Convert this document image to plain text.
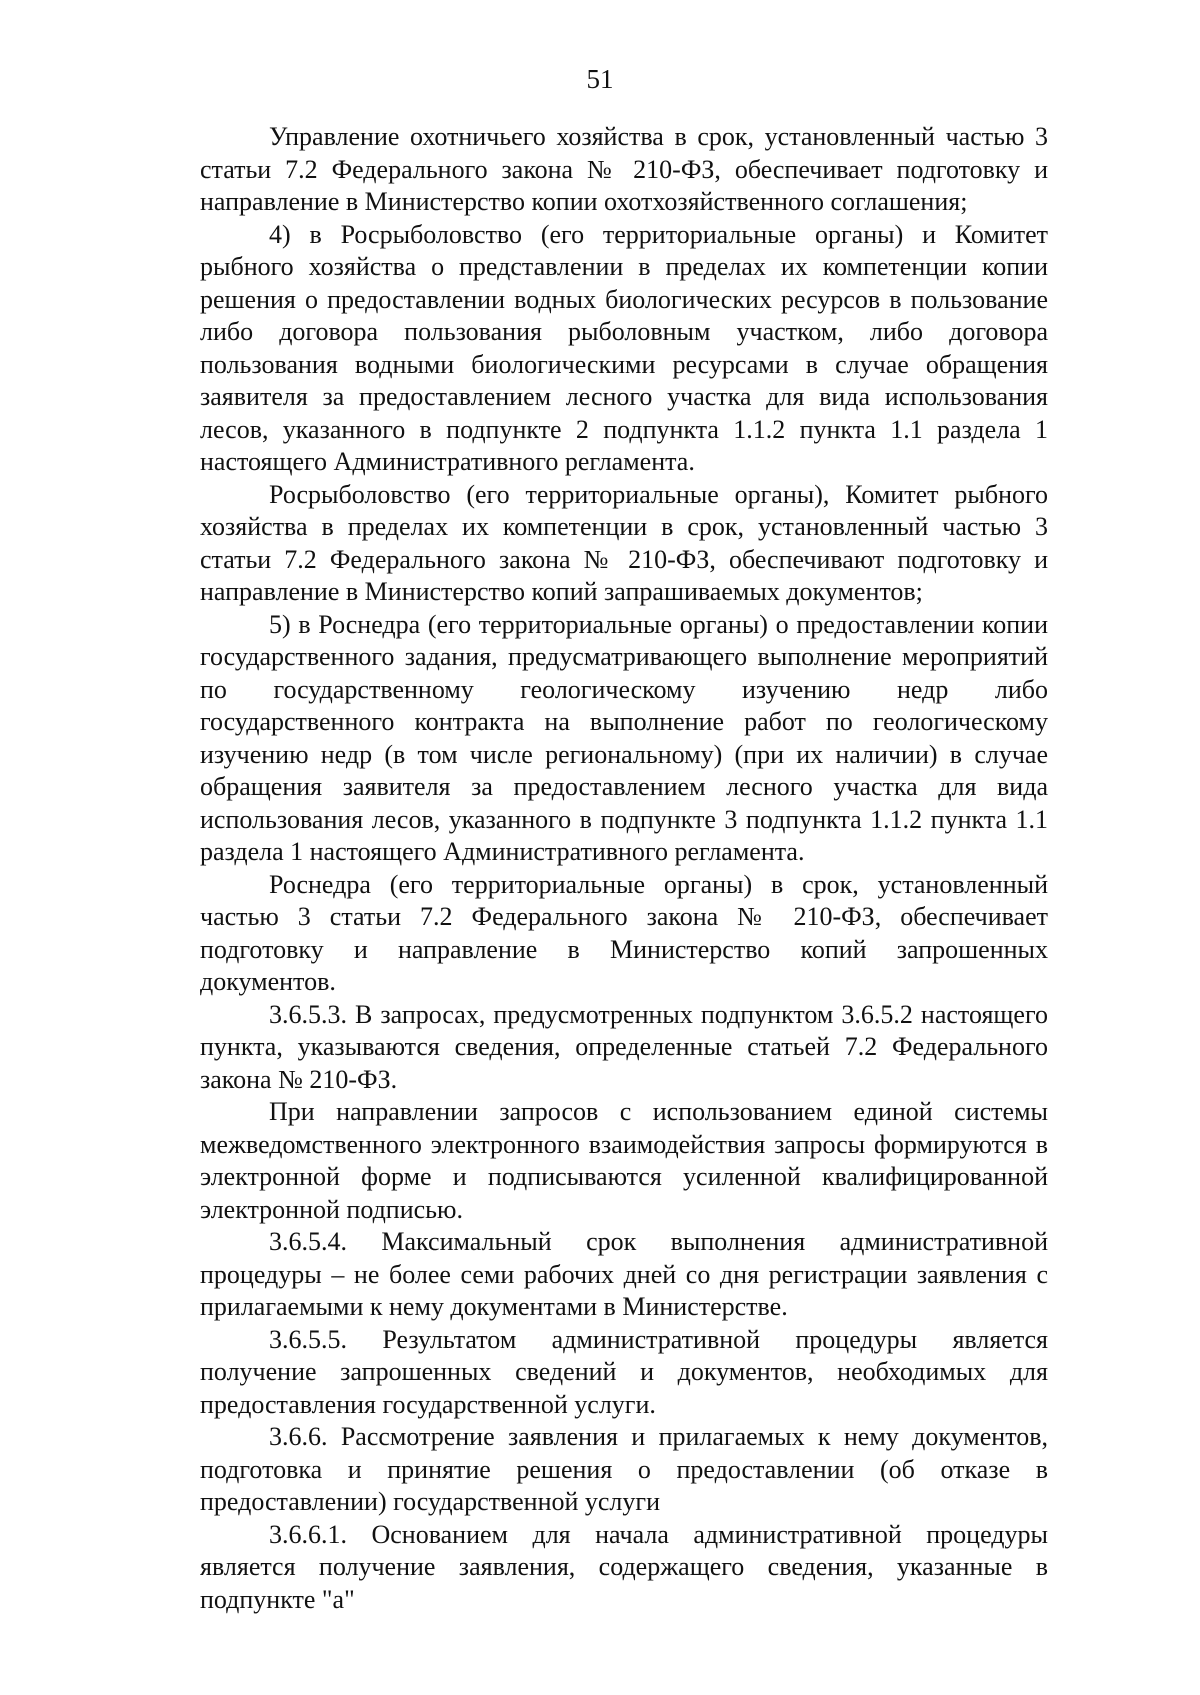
51

Управление охотничьего хозяйства в срок, установленный частью 3 статьи 7.2 Федерального закона № 210-ФЗ, обеспечивает подготовку и направление в Министерство копии охотхозяйственного соглашения;

4) в Росрыболовство (его территориальные органы) и Комитет рыбного хозяйства о представлении в пределах их компетенции копии решения о предоставлении водных биологических ресурсов в пользование либо договора пользования рыболовным участком, либо договора пользования водными биологическими ресурсами в случае обращения заявителя за предоставлением лесного участка для вида использования лесов, указанного в подпункте 2 подпункта 1.1.2 пункта 1.1 раздела 1 настоящего Административного регламента.

Росрыболовство (его территориальные органы), Комитет рыбного хозяйства в пределах их компетенции в срок, установленный частью 3 статьи 7.2 Федерального закона № 210-ФЗ, обеспечивают подготовку и направление в Министерство копий запрашиваемых документов;

5) в Роснедра (его территориальные органы) о предоставлении копии государственного задания, предусматривающего выполнение мероприятий по государственному геологическому изучению недр либо государственного контракта на выполнение работ по геологическому изучению недр (в том числе региональному) (при их наличии) в случае обращения заявителя за предоставлением лесного участка для вида использования лесов, указанного в подпункте 3 подпункта 1.1.2 пункта 1.1 раздела 1 настоящего Административного регламента.

Роснедра (его территориальные органы) в срок, установленный частью 3 статьи 7.2 Федерального закона № 210-ФЗ, обеспечивает подготовку и направление в Министерство копий запрошенных документов.

3.6.5.3. В запросах, предусмотренных подпунктом 3.6.5.2 настоящего пункта, указываются сведения, определенные статьей 7.2 Федерального закона № 210-ФЗ.

При направлении запросов с использованием единой системы межведомственного электронного взаимодействия запросы формируются в электронной форме и подписываются усиленной квалифицированной электронной подписью.

3.6.5.4. Максимальный срок выполнения административной процедуры – не более семи рабочих дней со дня регистрации заявления с прилагаемыми к нему документами в Министерстве.

3.6.5.5. Результатом административной процедуры является получение запрошенных сведений и документов, необходимых для предоставления государственной услуги.

3.6.6. Рассмотрение заявления и прилагаемых к нему документов, подготовка и принятие решения о предоставлении (об отказе в предоставлении) государственной услуги

3.6.6.1. Основанием для начала административной процедуры является получение заявления, содержащего сведения, указанные в подпункте "а"
